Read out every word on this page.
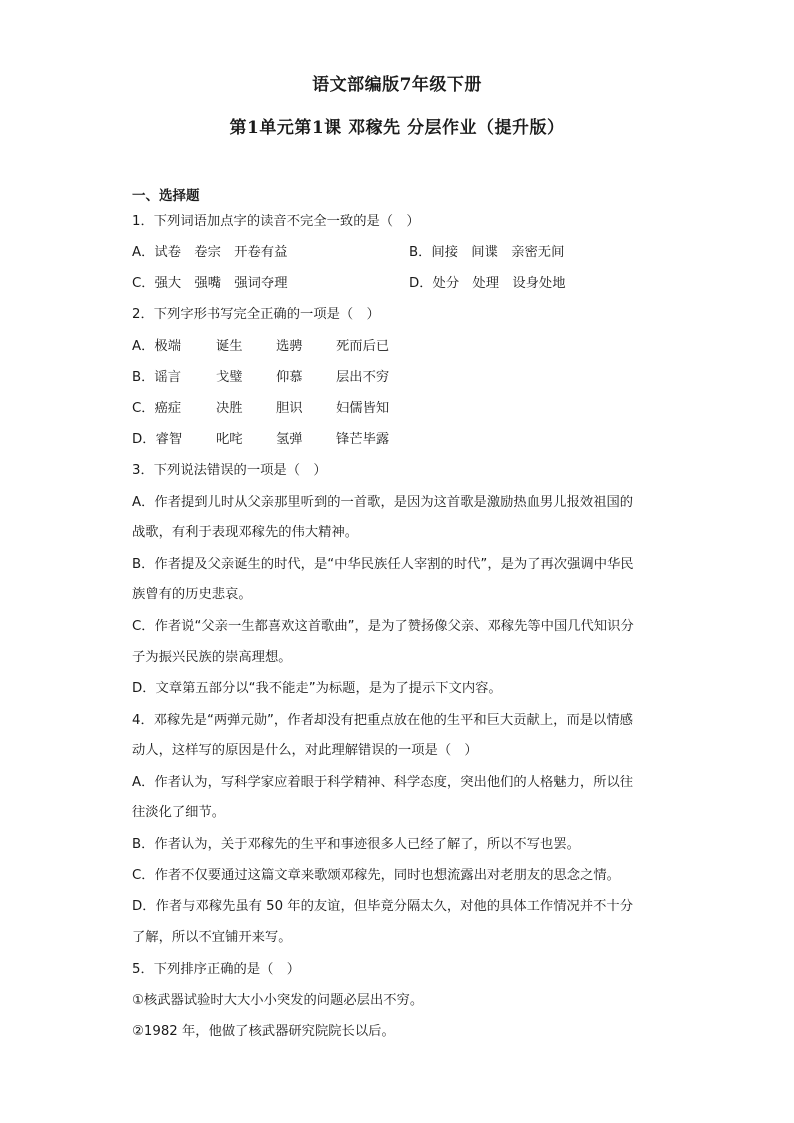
语文部编版7年级下册
第1单元第1课 邓稼先 分层作业（提升版）
一、选择题
1．下列词语加点字的读音不完全一致的是（　）
A．试卷　卷宗　开卷有益	B．间接　间谍　亲密无间
C．强大　强嘴　强词夺理	D．处分　处理　设身处地
2．下列字形书写完全正确的一项是（　）
A．极端	诞生	选骋	死而后已
B．谣言	戈璧	仰慕	层出不穷
C．癌症	决胜	胆识	妇儒皆知
D．睿智	叱咤	氢弹	锋芒毕露
3．下列说法错误的一项是（　）
A．作者提到儿时从父亲那里听到的一首歌，是因为这首歌是激励热血男儿报效祖国的
战歌，有利于表现邓稼先的伟大精神。
B．作者提及父亲诞生的时代，是“中华民族任人宰割的时代”，是为了再次强调中华民
族曾有的历史悲哀。
C．作者说“父亲一生都喜欢这首歌曲”，是为了赞扬像父亲、邓稼先等中国几代知识分
子为振兴民族的崇高理想。
D．文章第五部分以“我不能走”为标题，是为了提示下文内容。
4．邓稼先是“两弹元勋”，作者却没有把重点放在他的生平和巨大贡献上，而是以情感
动人，这样写的原因是什么，对此理解错误的一项是（　）
A．作者认为，写科学家应着眼于科学精神、科学态度，突出他们的人格魅力，所以往
往淡化了细节。
B．作者认为，关于邓稼先的生平和事迹很多人已经了解了，所以不写也罢。
C．作者不仅要通过这篇文章来歌颂邓稼先，同时也想流露出对老朋友的思念之情。
D．作者与邓稼先虽有 50 年的友谊，但毕竟分隔太久，对他的具体工作情况并不十分
了解，所以不宜铺开来写。
5．下列排序正确的是（　）
①核武器试验时大大小小突发的问题必层出不穷。
②1982 年，他做了核武器研究院院长以后。
